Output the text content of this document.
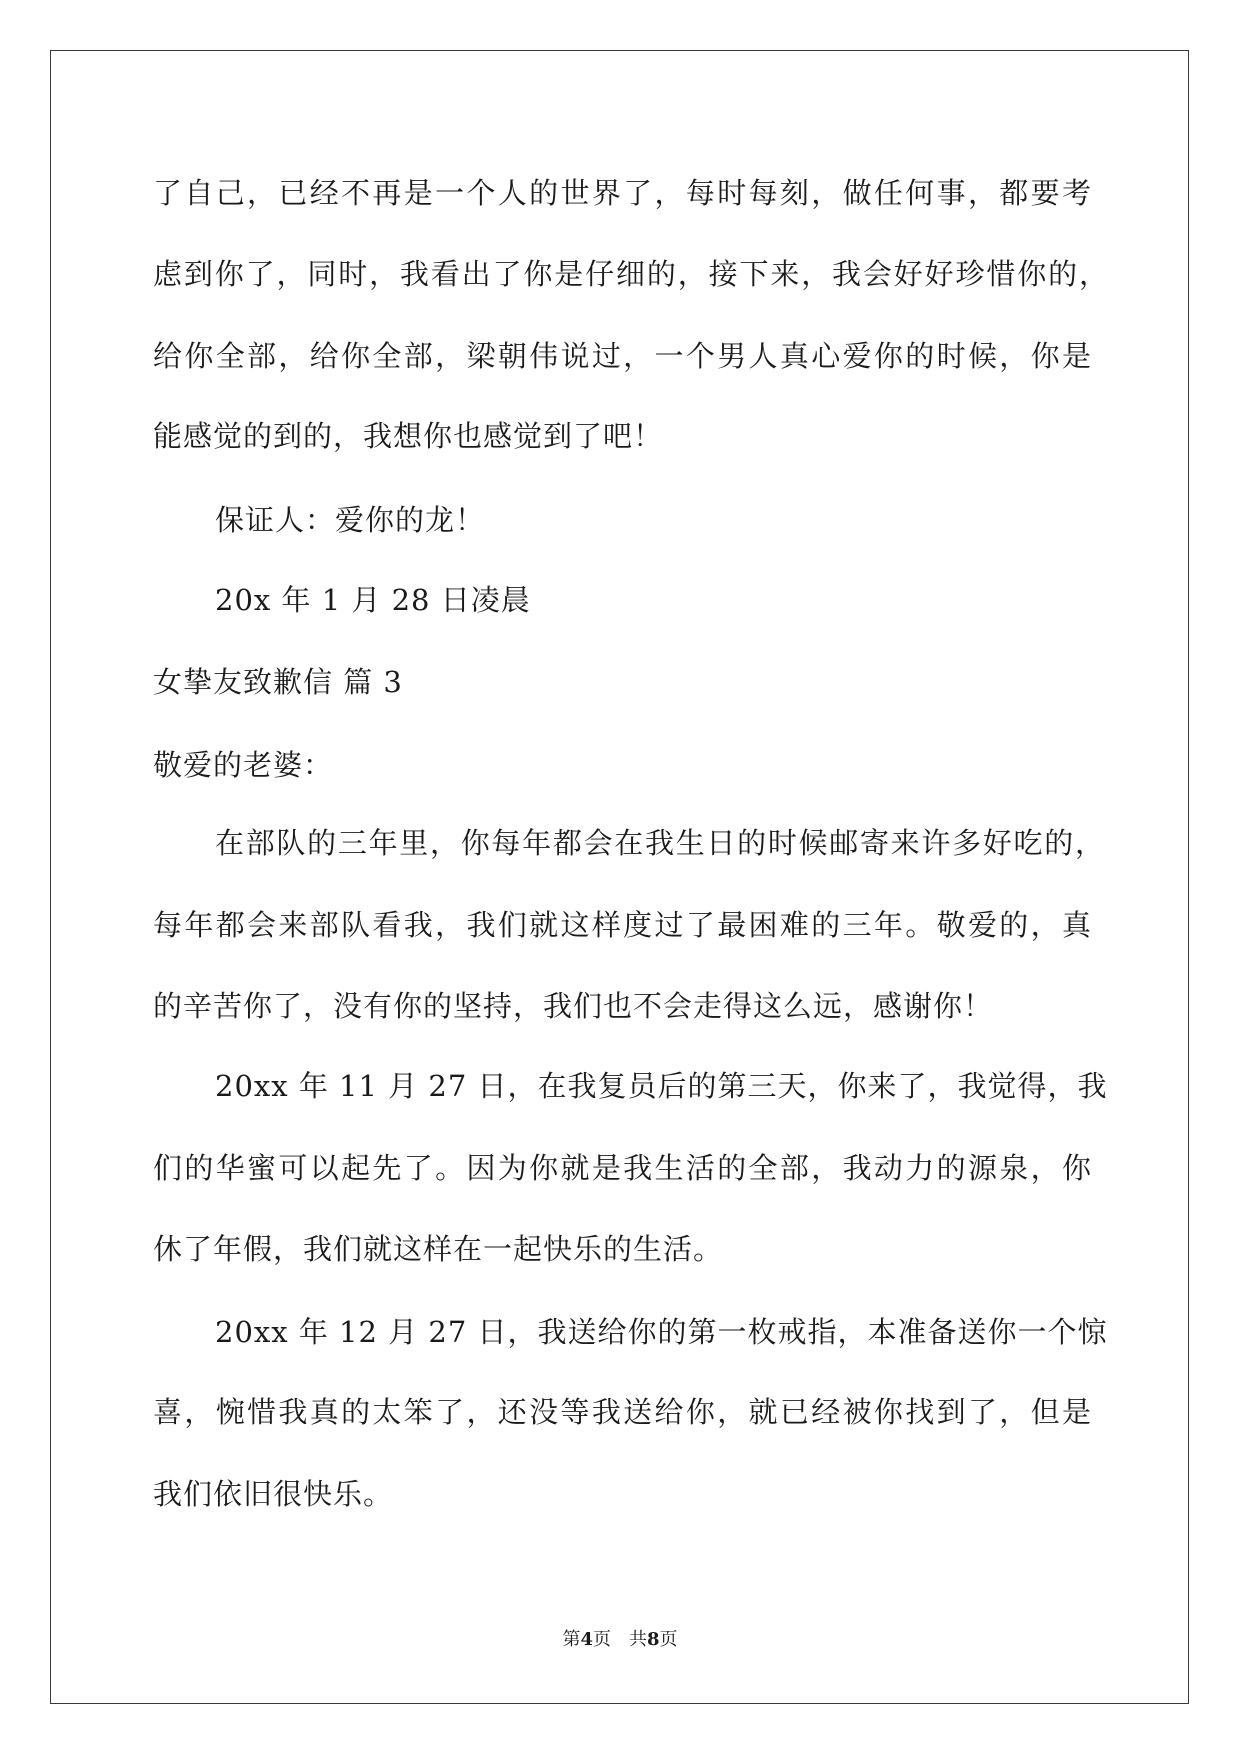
了自己，已经不再是一个人的世界了，每时每刻，做任何事，都要考
虑到你了，同时，我看出了你是仔细的，接下来，我会好好珍惜你的，
给你全部，给你全部，梁朝伟说过，一个男人真心爱你的时候，你是
能感觉的到的，我想你也感觉到了吧！
保证人：爱你的龙！
20x 年 1 月 28 日凌晨
女挚友致歉信 篇 3
敬爱的老婆：
在部队的三年里，你每年都会在我生日的时候邮寄来许多好吃的，
每年都会来部队看我，我们就这样度过了最困难的三年。敬爱的，真
的辛苦你了，没有你的坚持，我们也不会走得这么远，感谢你！
20xx 年 11 月 27 日，在我复员后的第三天，你来了，我觉得，我
们的华蜜可以起先了。因为你就是我生活的全部，我动力的源泉，你
休了年假，我们就这样在一起快乐的生活。
20xx 年 12 月 27 日，我送给你的第一枚戒指，本准备送你一个惊
喜，惋惜我真的太笨了，还没等我送给你，就已经被你找到了，但是
我们依旧很快乐。
第4页 共8页
